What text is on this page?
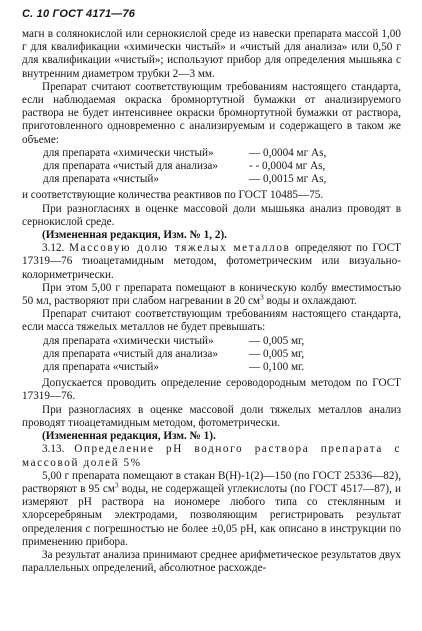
С. 10 ГОСТ 4171—76

магн в солянокислой или сернокислой среде из навески препарата массой 1,00 г для квалификации «химически чистый» и «чистый для анализа» или 0,50 г для квалификации «чистый»; используют прибор для определения мышьяка с внутренним диаметром трубки 2—3 мм.

Препарат считают соответствующим требованиям настоящего стандарта, если наблюдаемая окраска бромнортутной бумажки от анализируемого раствора не будет интенсивнее окраски бромнортутной бумажки от раствора, приготовленного одновременно с анализируемым и содержащего в таком же объеме:

для препарата «химически чистый»	— 0,0004 мг As,
для препарата «чистый для анализа»	- - 0,0004 мг As,
для препарата «чистый»	— 0,0015 мг As,

и соответствующие количества реактивов по ГОСТ 10485—75.

При разногласиях в оценке массовой доли мышьяка анализ проводят в сернокислой среде.

(Измененная редакция, Изм. № 1, 2).

3.12. Массовую долю тяжелых металлов определяют по ГОСТ 17319—76 тиоацетамидным методом, фотометрическим или визуально-колориметрически.

При этом 5,00 г препарата помещают в коническую колбу вместимостью 50 мл, растворяют при слабом нагревании в 20 $см^3$ воды и охлаждают.

Препарат считают соответствующим требованиям настоящего стандарта, если масса тяжелых металлов не будет превышать:

для препарата «химически чистый»	— 0,005 мг,
для препарата «чистый для анализа»	— 0,005 мг,
для препарата «чистый»	— 0,100 мг.

Допускается проводить определение сероводородным методом по ГОСТ 17319—76.

При разногласиях в оценке массовой доли тяжелых металлов анализ проводят тиоацетамидным методом, фотометрически.

(Измененная редакция, Изм. № 1).

3.13. Определение pH водного раствора препарата с массовой долей 5%

5,00 г препарата помещают в стакан В(Н)-1(2)—150 (по ГОСТ 25336—82), растворяют в 95 $см^3$ воды, не содержащей углекислоты (по ГОСТ 4517—87), и измеряют pH раствора на иономере любого типа со стеклянным и хлорсеребряным электродами, позволяющим регистрировать результат определения с погрешностью не более ±0,05 pH, как описано в инструкции по применению прибора.

За результат анализа принимают среднее арифметическое результатов двух параллельных определений, абсолютное расхожде-
